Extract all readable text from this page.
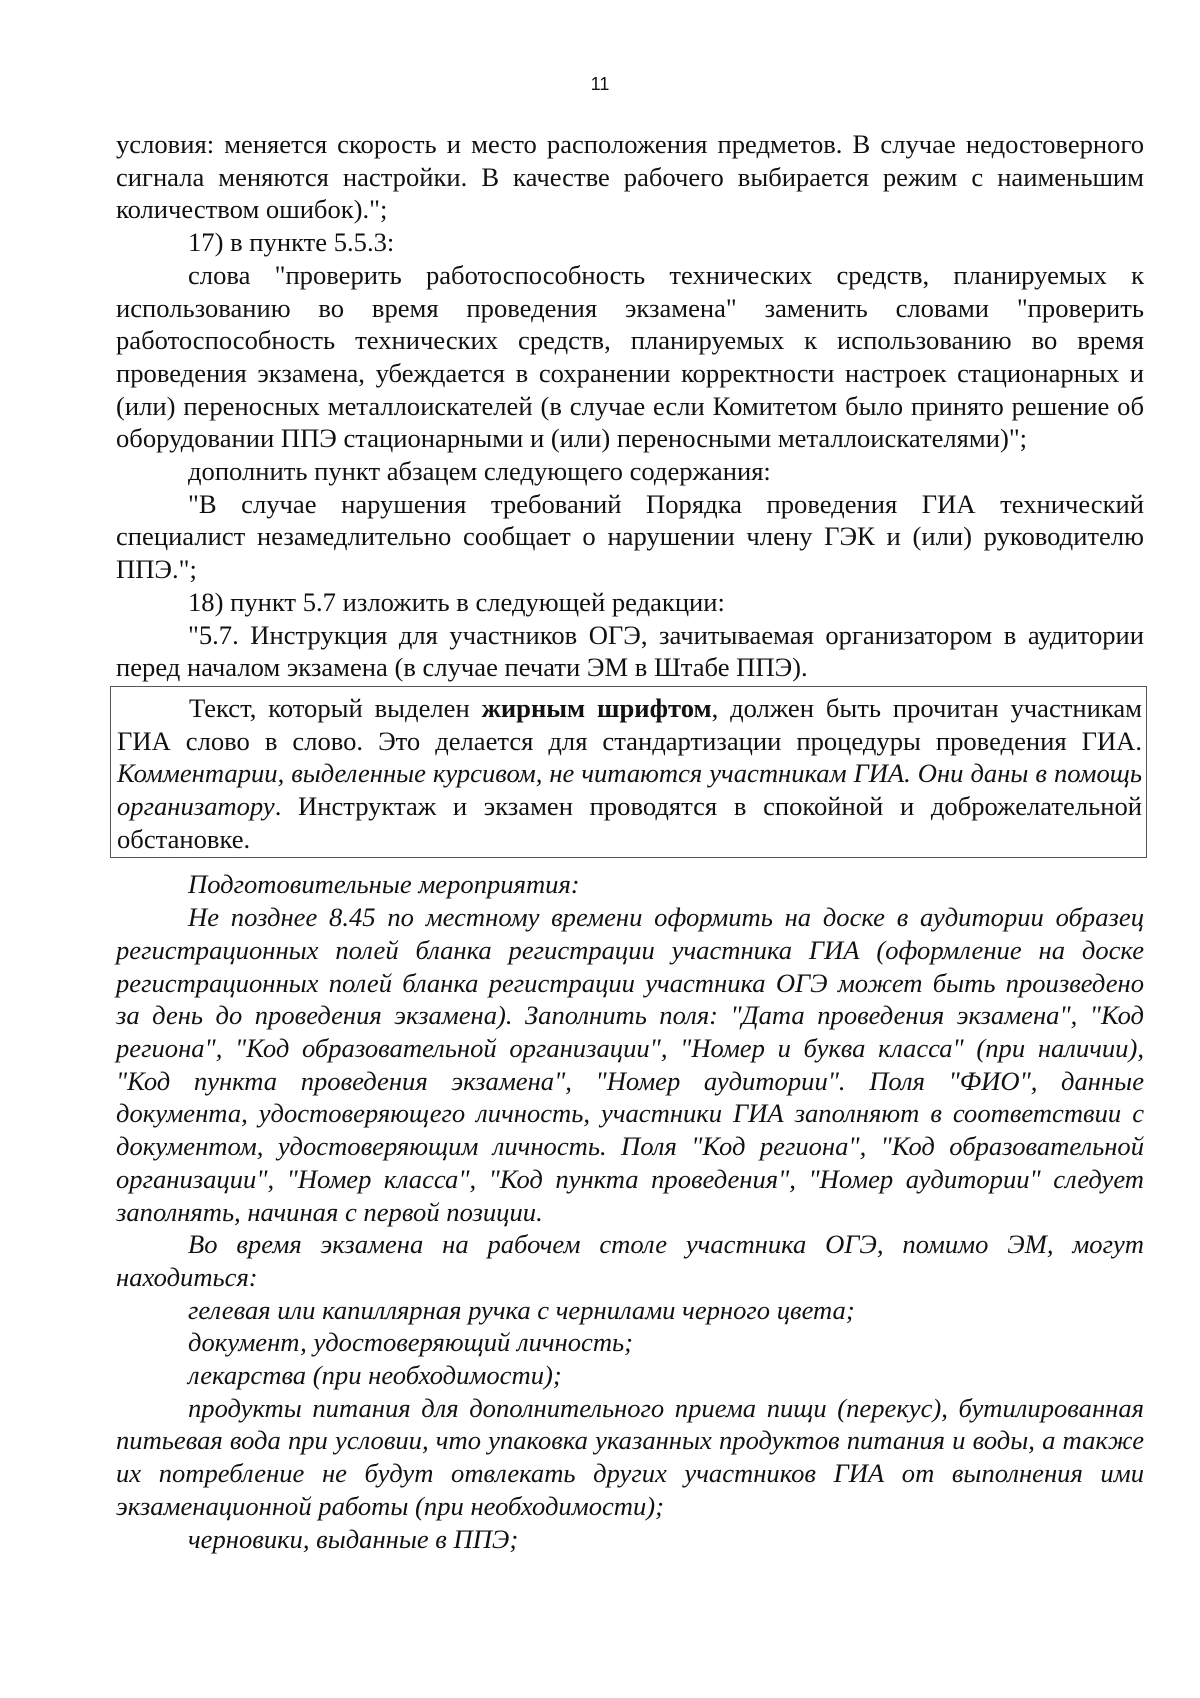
11

условия: меняется скорость и место расположения предметов. В случае недостоверного сигнала меняются настройки. В качестве рабочего выбирается режим с наименьшим количеством ошибок).";

17) в пункте 5.5.3:

слова "проверить работоспособность технических средств, планируемых к использованию во время проведения экзамена" заменить словами "проверить работоспособность технических средств, планируемых к использованию во время проведения экзамена, убеждается в сохранении корректности настроек стационарных и (или) переносных металлоискателей (в случае если Комитетом было принято решение об оборудовании ППЭ стационарными и (или) переносными металлоискателями)";

дополнить пункт абзацем следующего содержания:

"В случае нарушения требований Порядка проведения ГИА технический специалист незамедлительно сообщает о нарушении члену ГЭК и (или) руководителю ППЭ.";

18) пункт 5.7 изложить в следующей редакции:

"5.7. Инструкция для участников ОГЭ, зачитываемая организатором в аудитории перед началом экзамена (в случае печати ЭМ в Штабе ППЭ).

Текст, который выделен жирным шрифтом, должен быть прочитан участникам ГИА слово в слово. Это делается для стандартизации процедуры проведения ГИА. Комментарии, выделенные курсивом, не читаются участникам ГИА. Они даны в помощь организатору. Инструктаж и экзамен проводятся в спокойной и доброжелательной обстановке.

Подготовительные мероприятия:

Не позднее 8.45 по местному времени оформить на доске в аудитории образец регистрационных полей бланка регистрации участника ГИА (оформление на доске регистрационных полей бланка регистрации участника ОГЭ может быть произведено за день до проведения экзамена). Заполнить поля: "Дата проведения экзамена", "Код региона", "Код образовательной организации", "Номер и буква класса" (при наличии), "Код пункта проведения экзамена", "Номер аудитории". Поля "ФИО", данные документа, удостоверяющего личность, участники ГИА заполняют в соответствии с документом, удостоверяющим личность. Поля "Код региона", "Код образовательной организации", "Номер класса", "Код пункта проведения", "Номер аудитории" следует заполнять, начиная с первой позиции.

Во время экзамена на рабочем столе участника ОГЭ, помимо ЭМ, могут находиться:

гелевая или капиллярная ручка с чернилами черного цвета;

документ, удостоверяющий личность;

лекарства (при необходимости);

продукты питания для дополнительного приема пищи (перекус), бутилированная питьевая вода при условии, что упаковка указанных продуктов питания и воды, а также их потребление не будут отвлекать других участников ГИА от выполнения ими экзаменационной работы (при необходимости);

черновики, выданные в ППЭ;
